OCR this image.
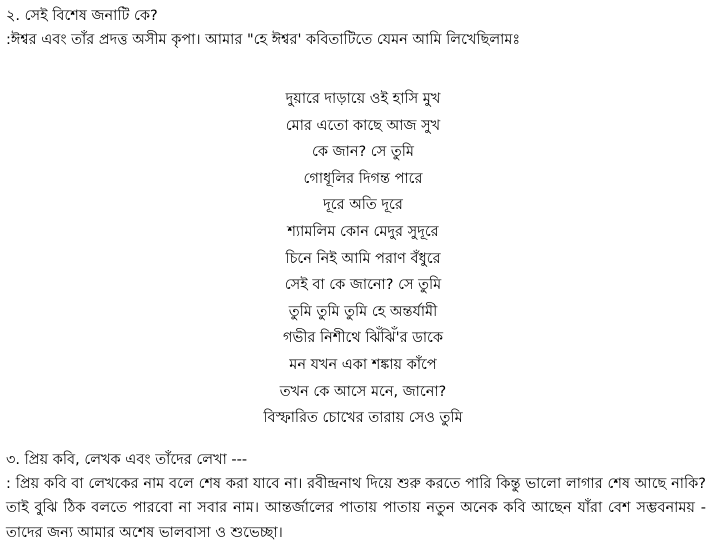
২. সেই বিশেষ জনাটি কে?
:ঈশ্বর এবং তাঁর প্রদত্ত অসীম কৃপা। আমার "হে ঈশ্বর' কবিতাটিতে যেমন আমি লিখেছিলামঃ
দুয়ারে দাড়ায়ে ওই হাসি মুখ
মোর এতো কাছে আজ সুখ
কে জান? সে তুমি
গোধূলির দিগন্ত পারে
দূরে অতি দূরে
শ্যামলিম কোন মেদুর সুদূরে
চিনে নিই আমি পরাণ বঁধুরে
সেই বা কে জানো? সে তুমি
তুমি তুমি তুমি হে অন্তর্যামী
গভীর নিশীথে ঝিঁঝিঁ'র ডাকে
মন যখন একা শঙ্কায় কাঁপে
তখন কে আসে মনে, জানো?
বিস্ফারিত চোখের তারায় সেও তুমি
৩. প্রিয় কবি, লেখক এবং তাঁদের লেখা ---
: প্রিয় কবি বা লেখকের নাম বলে শেষ করা যাবে না। রবীন্দ্রনাথ দিয়ে শুরু করতে পারি কিন্তু ভালো লাগার শেষ আছে নাকি? তাই বুঝি ঠিক বলতে পারবো না সবার নাম। আন্তর্জালের পাতায় পাতায় নতুন অনেক কবি আছেন যাঁরা বেশ সম্ভবনাময় - তাদের জন্য আমার অশেষ ভালবাসা ও শুভেচ্ছা।
